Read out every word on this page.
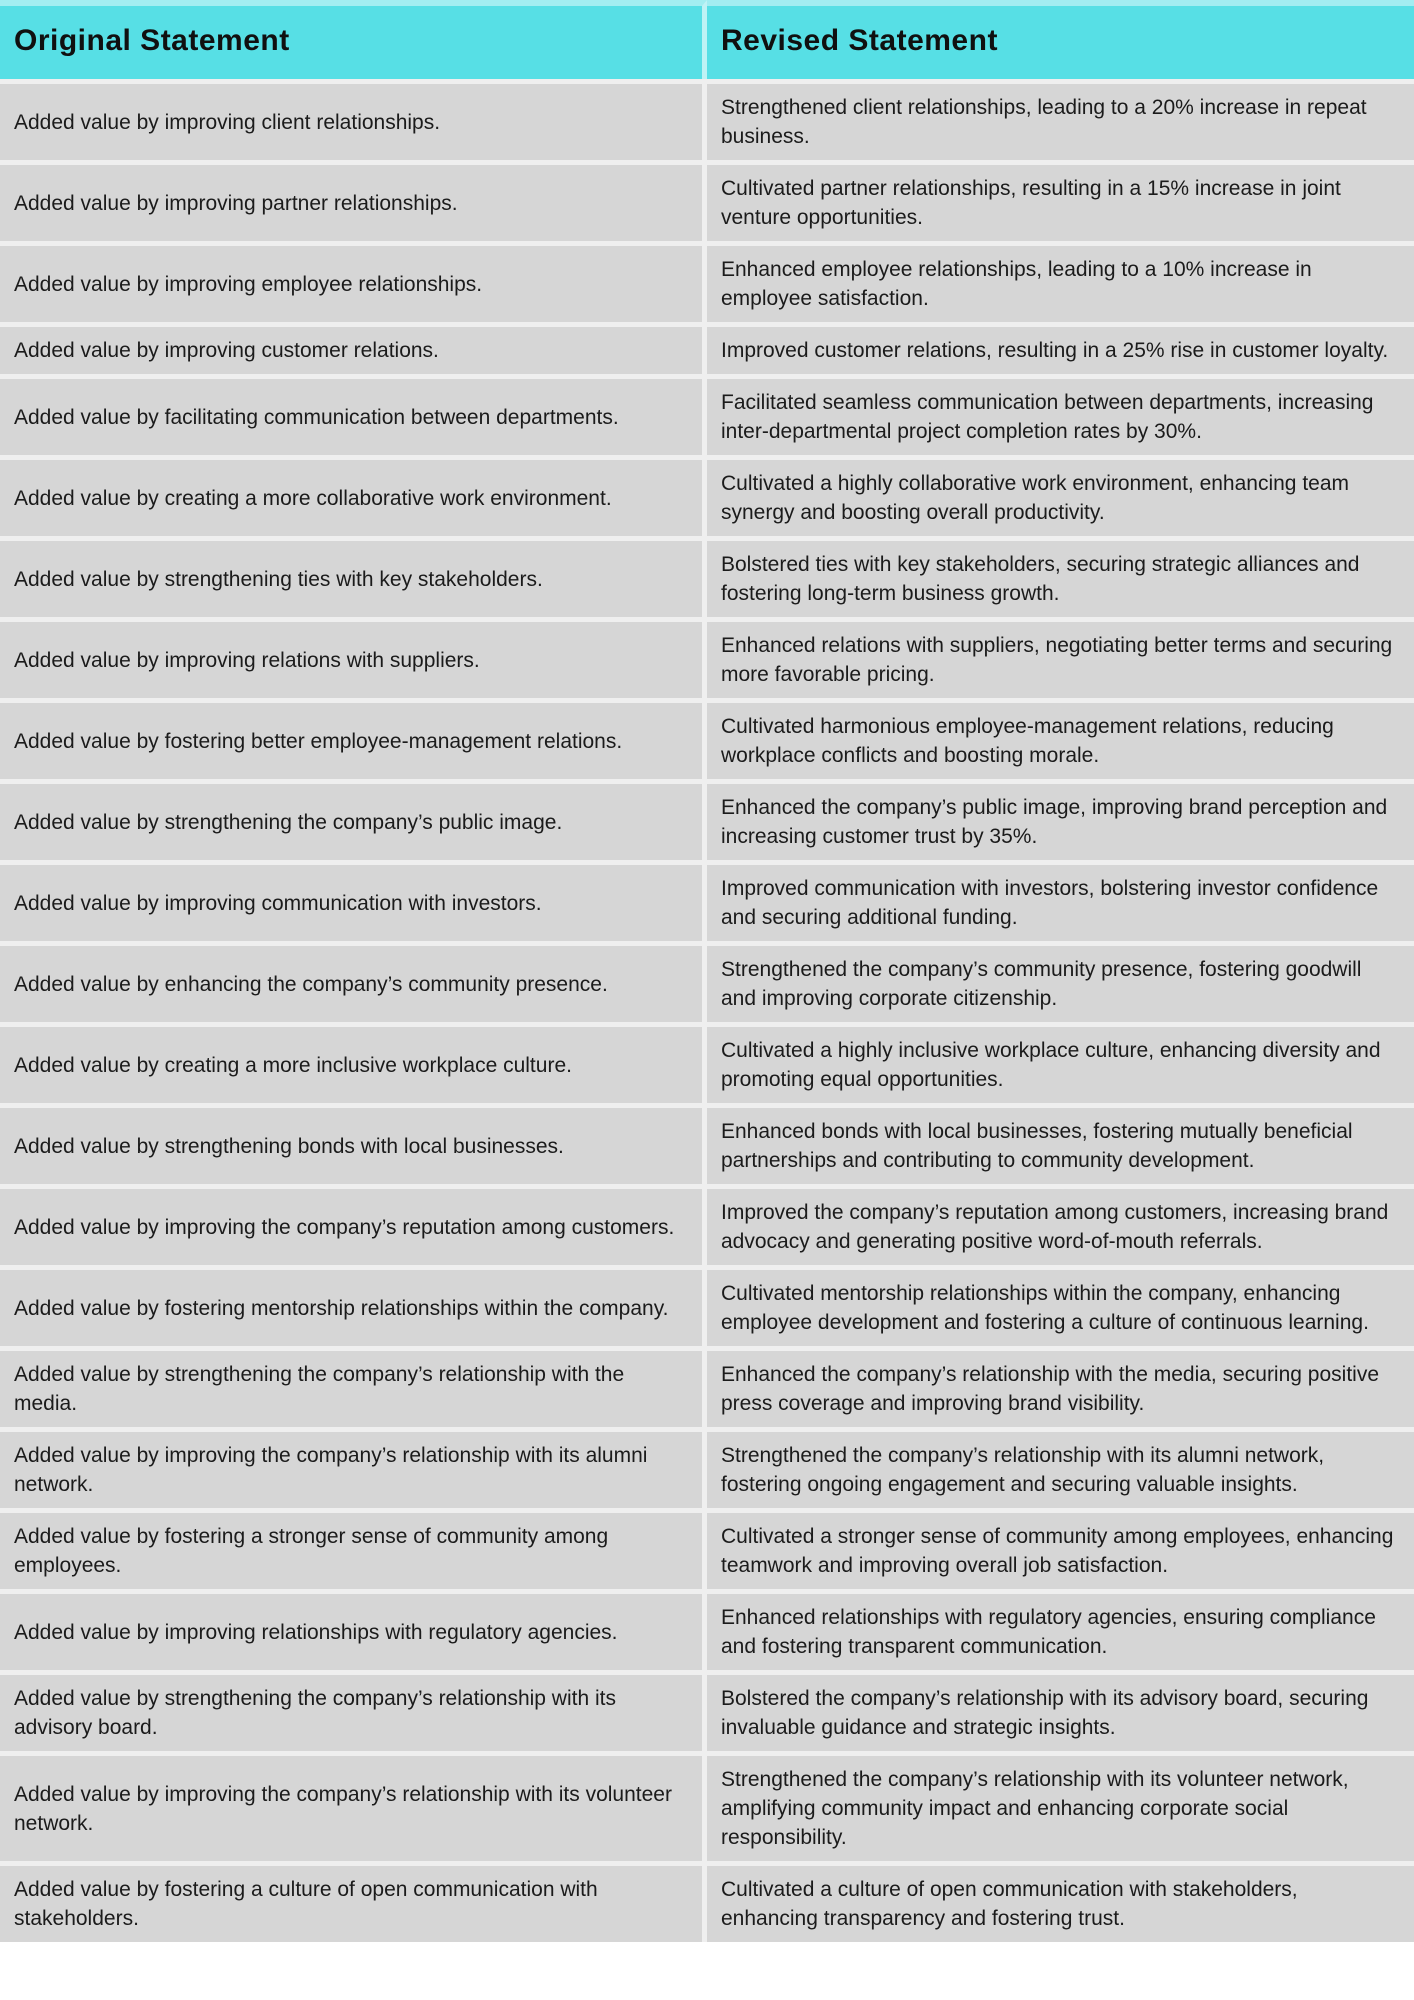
Original Statement	Revised Statement
Added value by improving client relationships.	Strengthened client relationships, leading to a 20% increase in repeat business.
Added value by improving partner relationships.	Cultivated partner relationships, resulting in a 15% increase in joint venture opportunities.
Added value by improving employee relationships.	Enhanced employee relationships, leading to a 10% increase in employee satisfaction.
Added value by improving customer relations.	Improved customer relations, resulting in a 25% rise in customer loyalty.
Added value by facilitating communication between departments.	Facilitated seamless communication between departments, increasing inter-departmental project completion rates by 30%.
Added value by creating a more collaborative work environment.	Cultivated a highly collaborative work environment, enhancing team synergy and boosting overall productivity.
Added value by strengthening ties with key stakeholders.	Bolstered ties with key stakeholders, securing strategic alliances and fostering long-term business growth.
Added value by improving relations with suppliers.	Enhanced relations with suppliers, negotiating better terms and securing more favorable pricing.
Added value by fostering better employee-management relations.	Cultivated harmonious employee-management relations, reducing workplace conflicts and boosting morale.
Added value by strengthening the company’s public image.	Enhanced the company’s public image, improving brand perception and increasing customer trust by 35%.
Added value by improving communication with investors.	Improved communication with investors, bolstering investor confidence and securing additional funding.
Added value by enhancing the company’s community presence.	Strengthened the company’s community presence, fostering goodwill and improving corporate citizenship.
Added value by creating a more inclusive workplace culture.	Cultivated a highly inclusive workplace culture, enhancing diversity and promoting equal opportunities.
Added value by strengthening bonds with local businesses.	Enhanced bonds with local businesses, fostering mutually beneficial partnerships and contributing to community development.
Added value by improving the company’s reputation among customers.	Improved the company’s reputation among customers, increasing brand advocacy and generating positive word-of-mouth referrals.
Added value by fostering mentorship relationships within the company.	Cultivated mentorship relationships within the company, enhancing employee development and fostering a culture of continuous learning.
Added value by strengthening the company’s relationship with the media.	Enhanced the company’s relationship with the media, securing positive press coverage and improving brand visibility.
Added value by improving the company’s relationship with its alumni network.	Strengthened the company’s relationship with its alumni network, fostering ongoing engagement and securing valuable insights.
Added value by fostering a stronger sense of community among employees.	Cultivated a stronger sense of community among employees, enhancing teamwork and improving overall job satisfaction.
Added value by improving relationships with regulatory agencies.	Enhanced relationships with regulatory agencies, ensuring compliance and fostering transparent communication.
Added value by strengthening the company’s relationship with its advisory board.	Bolstered the company’s relationship with its advisory board, securing invaluable guidance and strategic insights.
Added value by improving the company’s relationship with its volunteer network.	Strengthened the company’s relationship with its volunteer network, amplifying community impact and enhancing corporate social responsibility.
Added value by fostering a culture of open communication with stakeholders.	Cultivated a culture of open communication with stakeholders, enhancing transparency and fostering trust.
